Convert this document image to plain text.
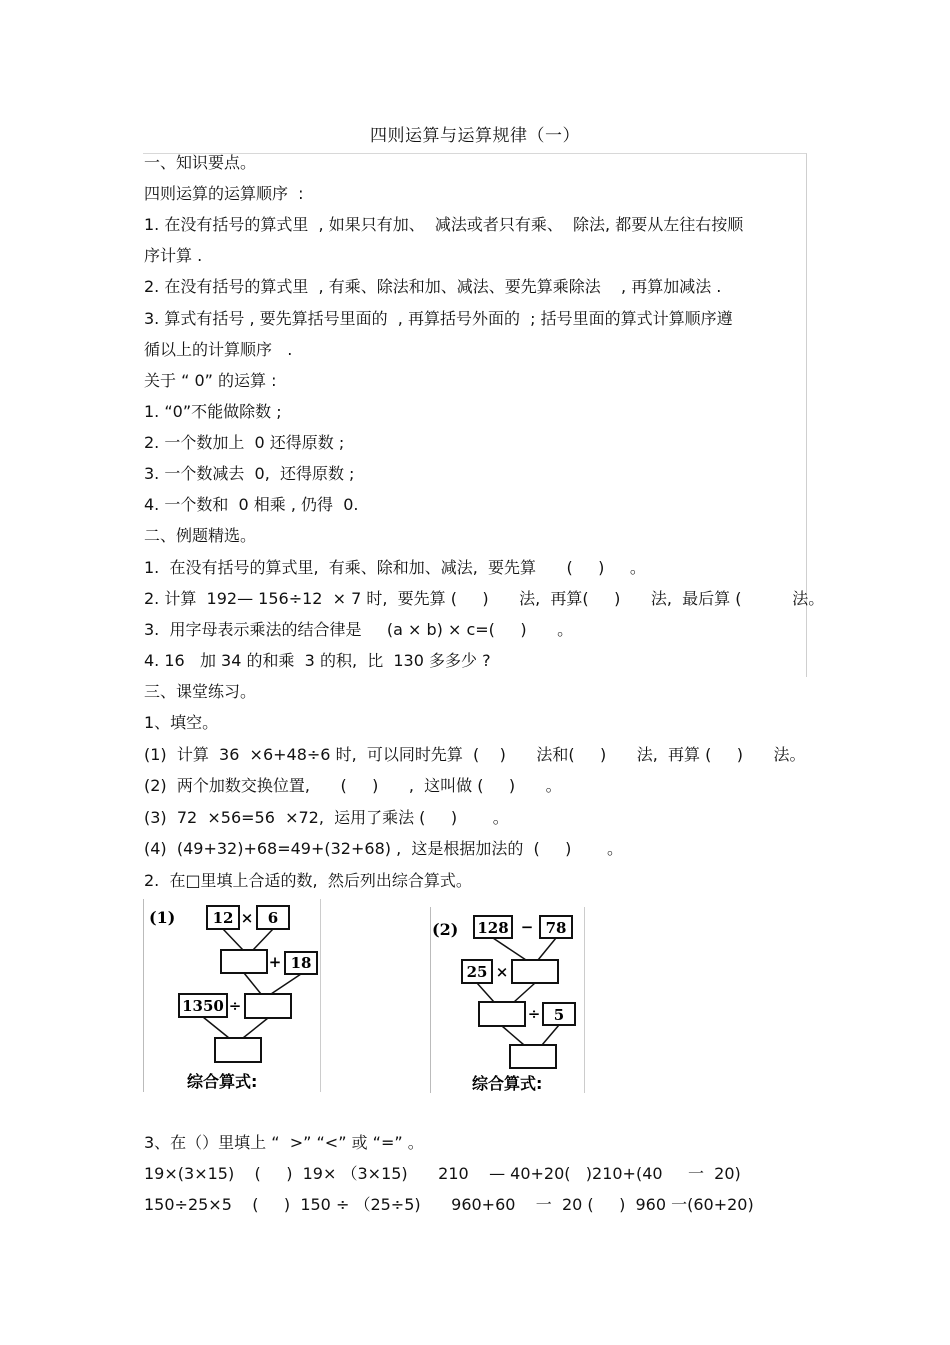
四则运算与运算规律（一）
一、知识要点。
四则运算的运算顺序  :
1. 在没有括号的算式里  , 如果只有加、  减法或者只有乘、  除法, 都要从左往右按顺
序计算 .
2. 在没有括号的算式里  , 有乘、除法和加、减法、要先算乘除法    , 再算加减法 .
3. 算式有括号 , 要先算括号里面的  , 再算括号外面的  ; 括号里面的算式计算顺序遵
循以上的计算顺序   .
关于 “ 0” 的运算 :
1. “0”不能做除数 ;
2. 一个数加上  0 还得原数 ;
3. 一个数减去  0,  还得原数 ;
4. 一个数和  0 相乘 , 仍得  0.
二、例题精选。
1.  在没有括号的算式里,  有乘、除和加、减法,  要先算      (     )     。
2. 计算  192— 156÷12  × 7 时,  要先算 (     )      法,  再算(     )      法,  最后算 (          法。
3.  用字母表示乘法的结合律是     (a × b) × c=(     )      。
4. 16   加 34 的和乘  3 的积,  比  130 多多少 ?
三、课堂练习。
1、填空。
(1)  计算  36  ×6+48÷6 时,  可以同时先算  (    )      法和(     )      法,  再算 (     )      法。
(2)  两个加数交换位置,      (     )      ,  这叫做 (     )      。
(3)  72  ×56=56  ×72,  运用了乘法 (     )       。
(4)  (49+32)+68=49+(32+68) ,  这是根据加法的  (     )       。
2.  在□里填上合适的数,  然后列出综合算式。
(1) 12 × 6
+ 18
1350 ÷
综合算式:
(2) 128 − 78
25 ×
÷ 5
综合算式:
3、在（）里填上 “  >” “<” 或 “=” 。
19×(3×15)    (     )  19× （3×15)      210    — 40+20(   )210+(40     一  20)
150÷25×5    (     )  150 ÷ （25÷5)      960+60    一  20 (     )  960 一(60+20)
